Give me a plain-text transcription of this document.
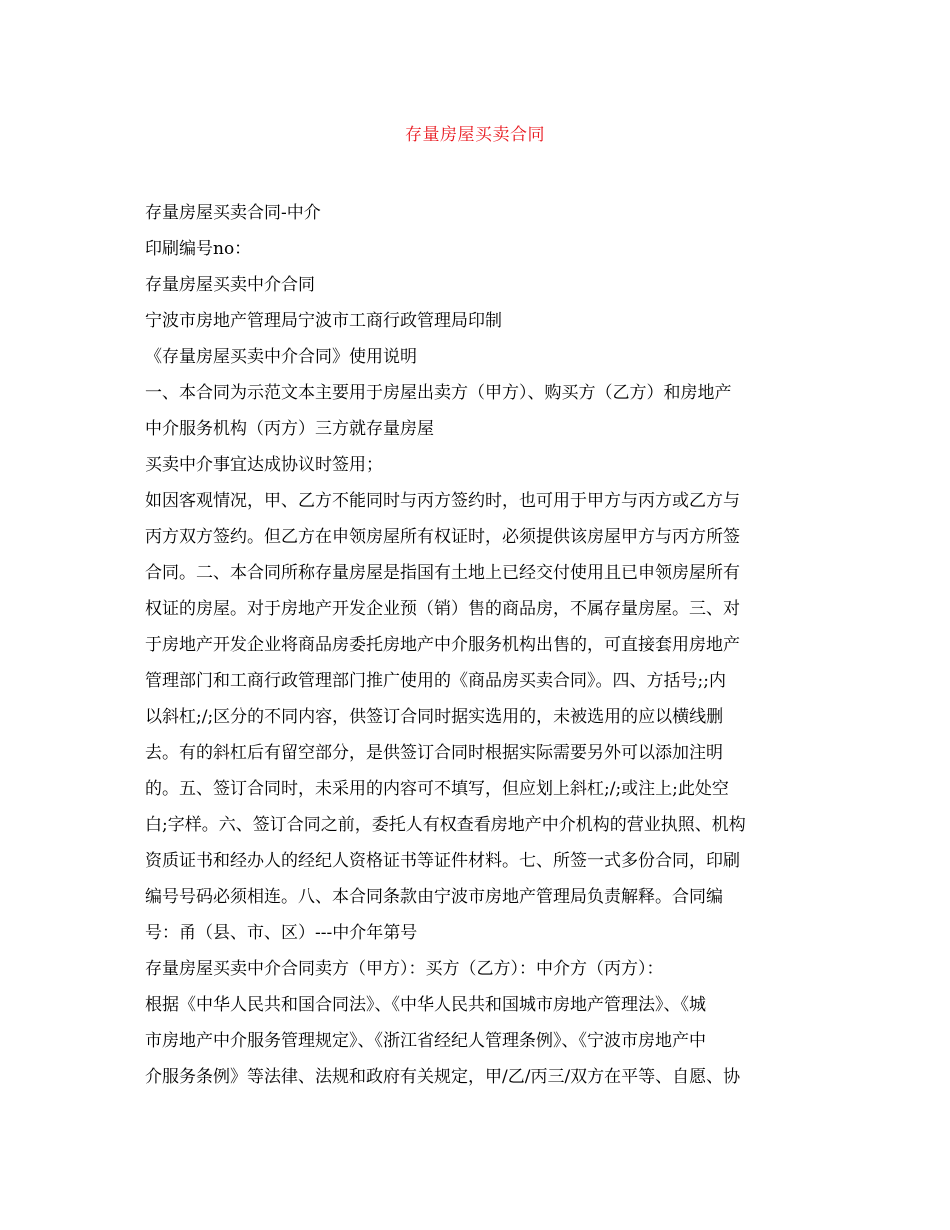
存量房屋买卖合同
存量房屋买卖合同-中介
印刷编号no：
存量房屋买卖中介合同
宁波市房地产管理局宁波市工商行政管理局印制
《存量房屋买卖中介合同》使用说明
一、本合同为示范文本主要用于房屋出卖方（甲方）、购买方（乙方）和房地产
中介服务机构（丙方）三方就存量房屋
买卖中介事宜达成协议时签用；
如因客观情况，甲、乙方不能同时与丙方签约时，也可用于甲方与丙方或乙方与
丙方双方签约。但乙方在申领房屋所有权证时，必须提供该房屋甲方与丙方所签
合同。二、本合同所称存量房屋是指国有土地上已经交付使用且已申领房屋所有
权证的房屋。对于房地产开发企业预（销）售的商品房，不属存量房屋。三、对
于房地产开发企业将商品房委托房地产中介服务机构出售的，可直接套用房地产
管理部门和工商行政管理部门推广使用的《商品房买卖合同》。四、方括号;;内
以斜杠;/;区分的不同内容，供签订合同时据实选用的，未被选用的应以横线删
去。有的斜杠后有留空部分，是供签订合同时根据实际需要另外可以添加注明
的。五、签订合同时，未采用的内容可不填写，但应划上斜杠;/;或注上;此处空
白;字样。六、签订合同之前，委托人有权查看房地产中介机构的营业执照、机构
资质证书和经办人的经纪人资格证书等证件材料。七、所签一式多份合同，印刷
编号号码必须相连。八、本合同条款由宁波市房地产管理局负责解释。合同编
号：甬（县、市、区）---中介年第号
存量房屋买卖中介合同卖方（甲方）：买方（乙方）：中介方（丙方）：
根据《中华人民共和国合同法》、《中华人民共和国城市房地产管理法》、《城
市房地产中介服务管理规定》、《浙江省经纪人管理条例》、《宁波市房地产中
介服务条例》等法律、法规和政府有关规定，甲/乙/丙三/双方在平等、自愿、协
